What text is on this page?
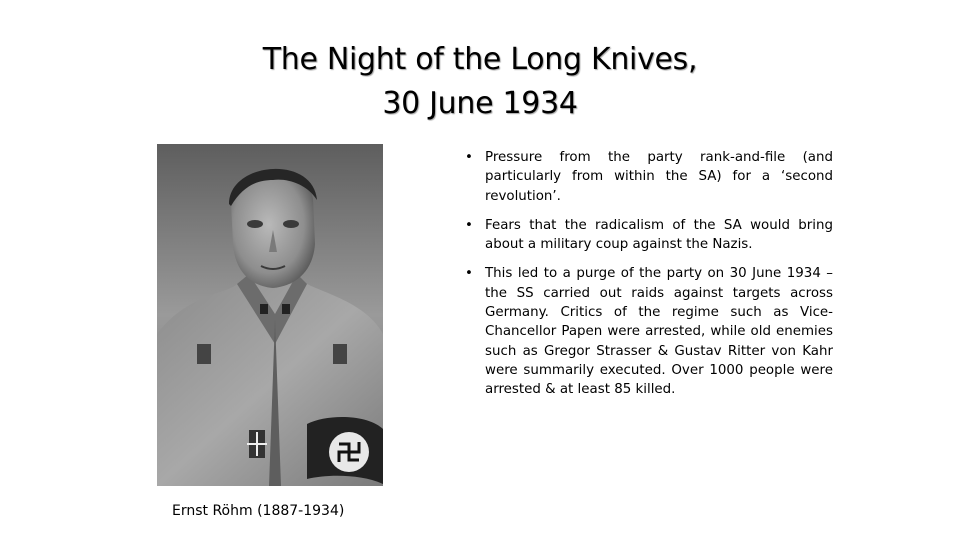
The Night of the Long Knives,
30 June 1934
Ernst Röhm (1887-1934)
• Pressure from the party rank-and-file (and particularly from within the SA) for a ‘second revolution’.
• Fears that the radicalism of the SA would bring about a military coup against the Nazis.
• This led to a purge of the party on 30 June 1934 – the SS carried out raids against targets across Germany. Critics of the regime such as Vice-Chancellor Papen were arrested, while old enemies such as Gregor Strasser & Gustav Ritter von Kahr were summarily executed. Over 1000 people were arrested & at least 85 killed.
